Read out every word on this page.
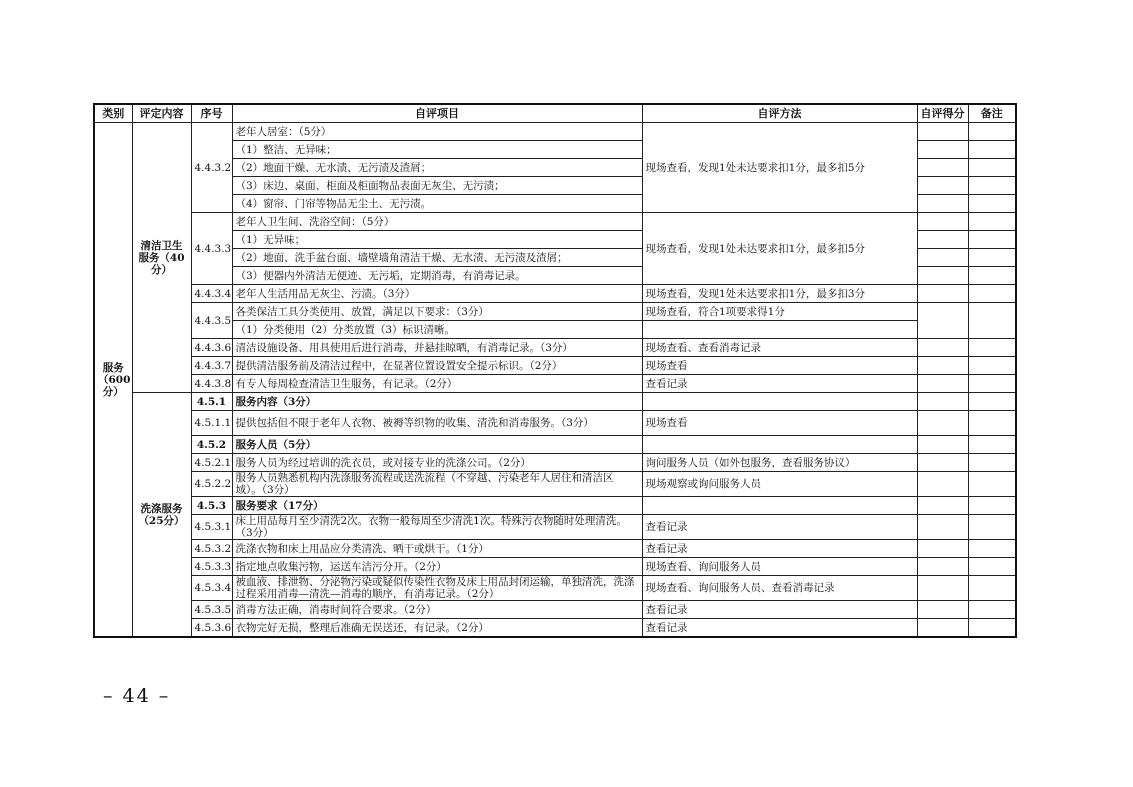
类别	评定内容	序号	自评项目	自评方法	自评得分	备注
服务（600分）	清洁卫生服务（40分）	4.4.3.2	老年人居室：（5分）	现场查看，发现1处未达要求扣1分，最多扣5分		
			（1）整洁、无异味；			
			（2）地面干燥、无水渍、无污渍及渣屑；			
			（3）床边、桌面、柜面及柜面物品表面无灰尘、无污渍；			
			（4）窗帘、门帘等物品无尘土、无污渍。			
		4.4.3.3	老年人卫生间、洗浴空间：（5分）	现场查看，发现1处未达要求扣1分，最多扣5分		
			（1）无异味；			
			（2）地面、洗手盆台面、墙壁墙角清洁干燥、无水渍、无污渍及渣屑；			
			（3）便器内外清洁无便迹、无污垢，定期消毒，有消毒记录。			
		4.4.3.4	老年人生活用品无灰尘、污渍。（3分）	现场查看，发现1处未达要求扣1分，最多扣3分		
		4.4.3.5	各类保洁工具分类使用、放置，满足以下要求：（3分）	现场查看，符合1项要求得1分		
			（1）分类使用（2）分类放置（3）标识清晰。			
		4.4.3.6	清洁设施设备、用具使用后进行消毒，并悬挂晾晒，有消毒记录。（3分）	现场查看、查看消毒记录		
		4.4.3.7	提供清洁服务前及清洁过程中，在显著位置设置安全提示标识。（2分）	现场查看		
		4.4.3.8	有专人每周检查清洁卫生服务，有记录。（2分）	查看记录		
	洗涤服务（25分）	4.5.1	服务内容（3分）			
		4.5.1.1	提供包括但不限于老年人衣物、被褥等织物的收集、清洗和消毒服务。（3分）	现场查看		
		4.5.2	服务人员（5分）			
		4.5.2.1	服务人员为经过培训的洗衣员，或对接专业的洗涤公司。（2分）	询问服务人员（如外包服务，查看服务协议）		
		4.5.2.2	服务人员熟悉机构内洗涤服务流程或送洗流程（不穿越、污染老年人居住和清洁区域）。（3分）	现场观察或询问服务人员		
		4.5.3	服务要求（17分）			
		4.5.3.1	床上用品每月至少清洗2次。衣物一般每周至少清洗1次。特殊污衣物随时处理清洗。（3分）	查看记录		
		4.5.3.2	洗涤衣物和床上用品应分类清洗、晒干或烘干。（1分）	查看记录		
		4.5.3.3	指定地点收集污物，运送车洁污分开。（2分）	现场查看、询问服务人员		
		4.5.3.4	被血液、排泄物、分泌物污染或疑似传染性衣物及床上用品封闭运输，单独清洗，洗涤过程采用消毒—清洗—消毒的顺序，有消毒记录。（2分）	现场查看、询问服务人员、查看消毒记录		
		4.5.3.5	消毒方法正确，消毒时间符合要求。（2分）	查看记录		
		4.5.3.6	衣物完好无损，整理后准确无误送还，有记录。（2分）	查看记录		
– 44 –
